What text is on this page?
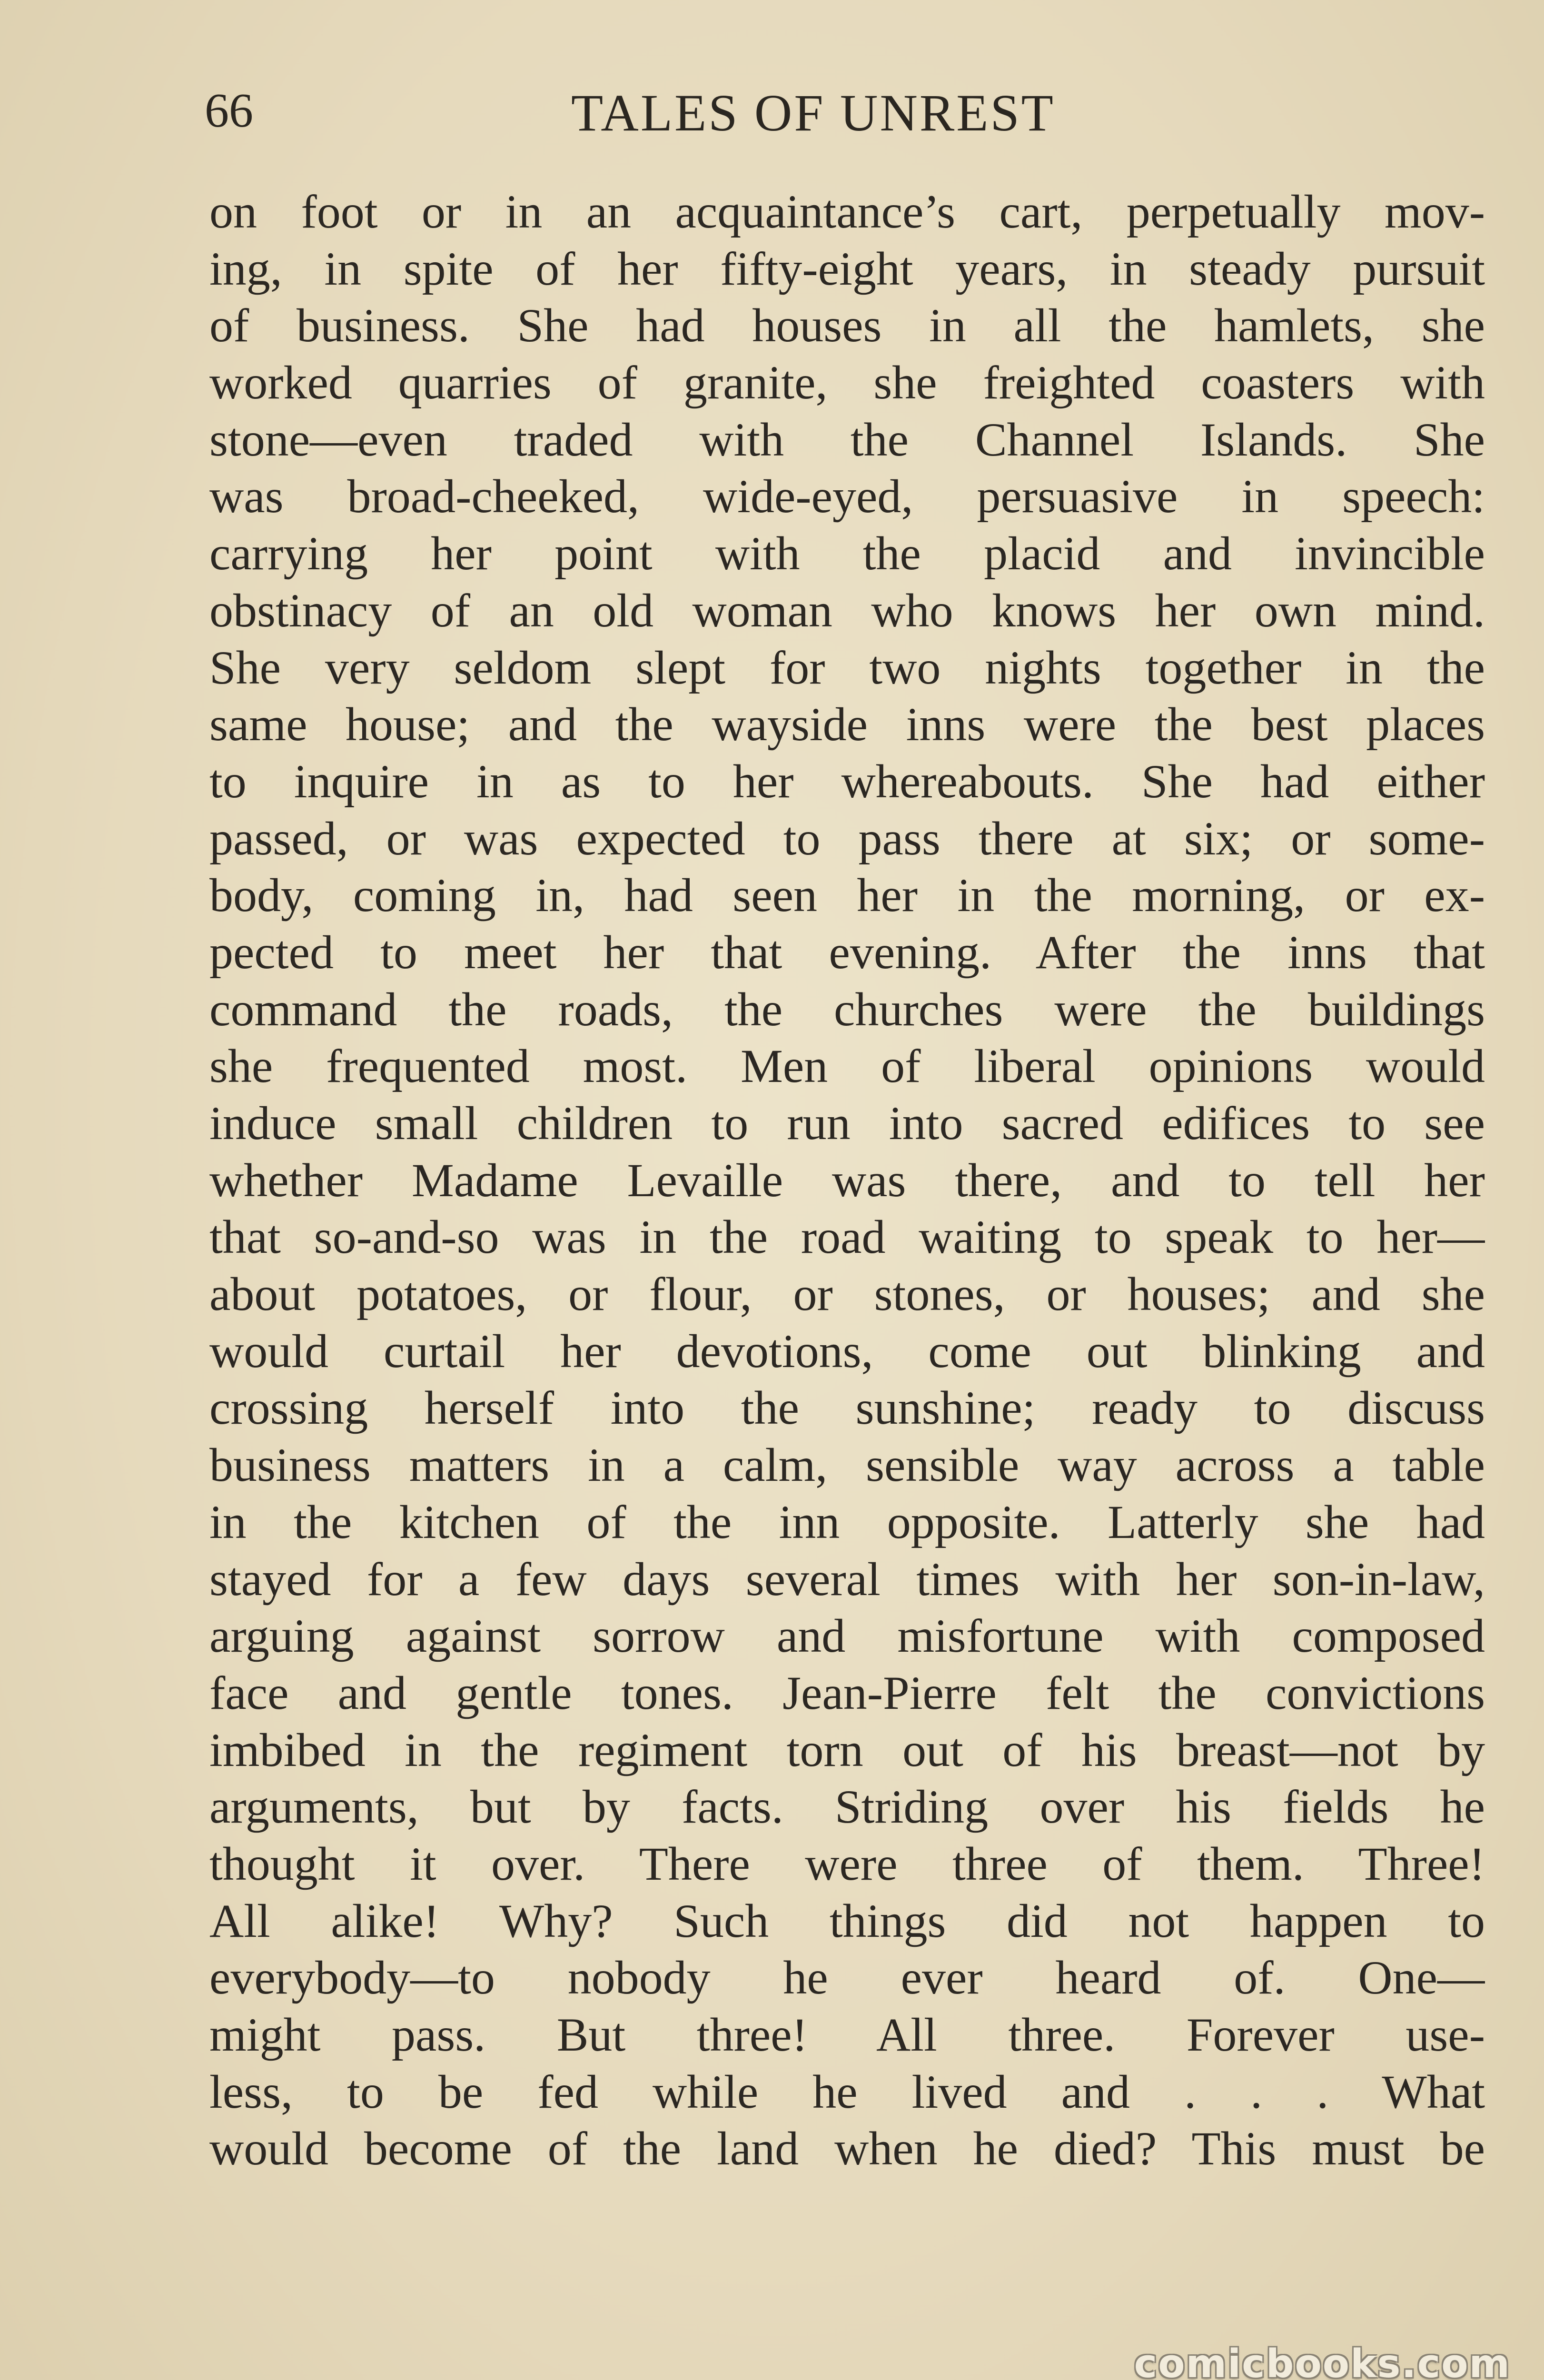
66	TALES OF UNREST
on foot or in an acquaintance’s cart, perpetually mov-
ing, in spite of her fifty-eight years, in steady pursuit
of business. She had houses in all the hamlets, she
worked quarries of granite, she freighted coasters with
stone—even traded with the Channel Islands. She
was broad-cheeked, wide-eyed, persuasive in speech:
carrying her point with the placid and invincible
obstinacy of an old woman who knows her own mind.
She very seldom slept for two nights together in the
same house; and the wayside inns were the best places
to inquire in as to her whereabouts. She had either
passed, or was expected to pass there at six; or some-
body, coming in, had seen her in the morning, or ex-
pected to meet her that evening. After the inns that
command the roads, the churches were the buildings
she frequented most. Men of liberal opinions would
induce small children to run into sacred edifices to see
whether Madame Levaille was there, and to tell her
that so-and-so was in the road waiting to speak to her—
about potatoes, or flour, or stones, or houses; and she
would curtail her devotions, come out blinking and
crossing herself into the sunshine; ready to discuss
business matters in a calm, sensible way across a table
in the kitchen of the inn opposite. Latterly she had
stayed for a few days several times with her son-in-law,
arguing against sorrow and misfortune with composed
face and gentle tones. Jean-Pierre felt the convictions
imbibed in the regiment torn out of his breast—not by
arguments, but by facts. Striding over his fields he
thought it over. There were three of them. Three!
All alike! Why? Such things did not happen to
everybody—to nobody he ever heard of. One—
might pass. But three! All three. Forever use-
less, to be fed while he lived and . . . What
would become of the land when he died? This must be
comicbooks.com
